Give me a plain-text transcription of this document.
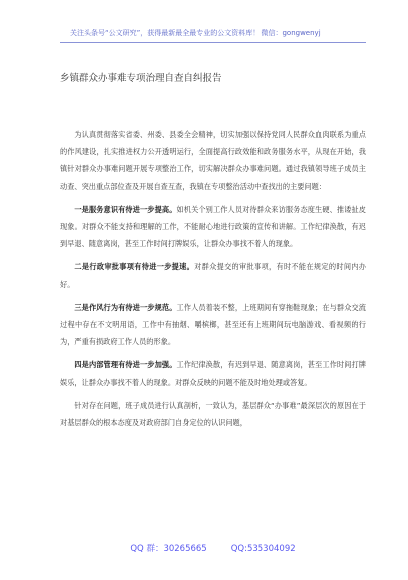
关注头条号“公文研究”，获得最新最全最专业的公文资料库！ 微信：gongwenyj
乡镇群众办事难专项治理自查自纠报告

为认真贯彻落实省委、州委、县委全会精神，切实加强以保持党同人民群众血肉联系为重点的作风建设，扎实推进权力公开透明运行，全面提高行政效能和政务服务水平，从现在开始，我镇针对群众办事难问题开展专项整治工作，切实解决群众办事难问题。通过我镇领导班子成员主动查、突出重点部位查及开展自查互查，我镇在专项整治活动中查找出的主要问题：

一是服务意识有待进一步提高。如机关个别工作人员对待群众来访服务态度生硬、推诿扯皮现象。对群众不能支持和理解的工作，不能耐心地进行政策的宣传和讲解。工作纪律涣散，有迟到早退、随意离岗，甚至工作时间打牌娱乐，让群众办事找不着人的现象。

二是行政审批事项有待进一步提速。对群众提交的审批事项，有时不能在规定的时间内办好。

三是作风行为有待进一步规范。工作人员着装不整，上班期间有穿拖鞋现象；在与群众交流过程中存在不文明用语，工作中有抽烟、嚼槟榔，甚至还有上班期间玩电脑游戏、看视频的行为，严重有损政府工作人员的形象。

四是内部管理有待进一步加强。工作纪律涣散，有迟到早退、随意离岗，甚至工作时间打牌娱乐，让群众办事找不着人的现象。对群众反映的问题不能及时地处理或答复。

针对存在问题，班子成员进行认真剖析，一致认为，基层群众“办事难”最深层次的原因在于对基层群众的根本态度及对政府部门自身定位的认识问题，

QQ 群：30265665	QQ:535304092
